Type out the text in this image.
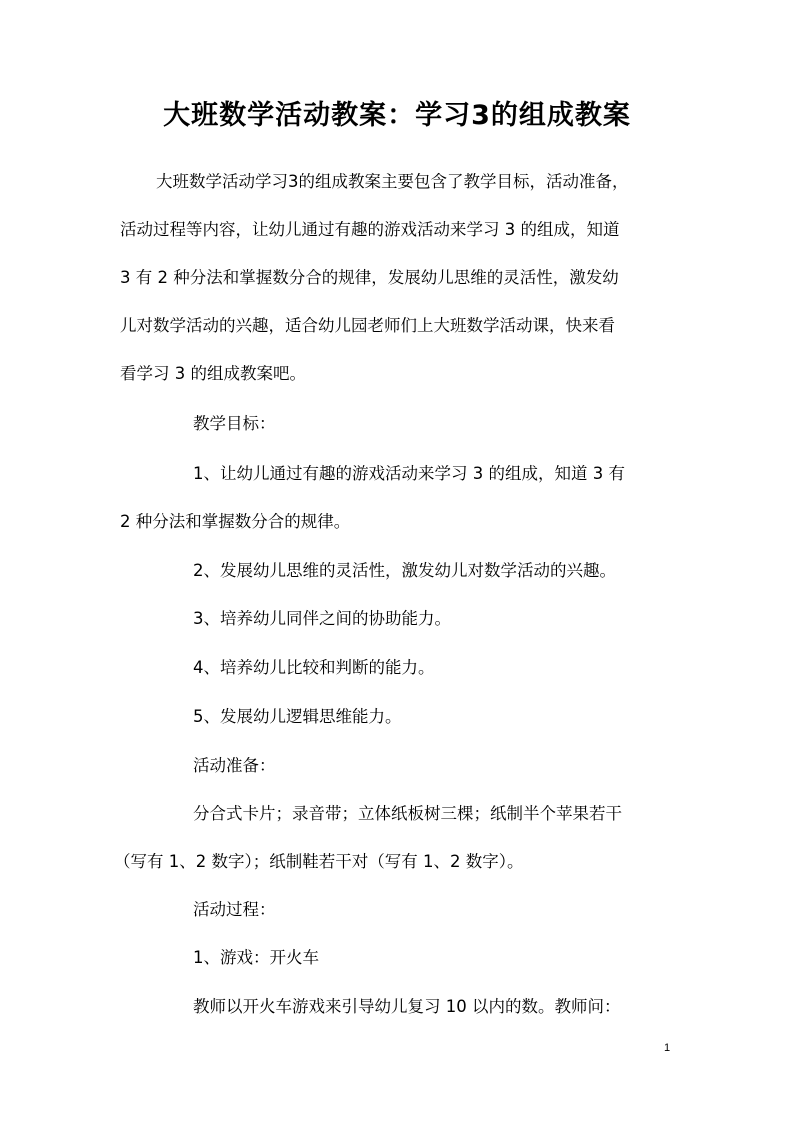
大班数学活动教案：学习3的组成教案
大班数学活动学习3的组成教案主要包含了教学目标，活动准备，
活动过程等内容，让幼儿通过有趣的游戏活动来学习 3 的组成，知道
3 有 2 种分法和掌握数分合的规律，发展幼儿思维的灵活性，激发幼
儿对数学活动的兴趣，适合幼儿园老师们上大班数学活动课，快来看
看学习 3 的组成教案吧。
教学目标：
1、让幼儿通过有趣的游戏活动来学习 3 的组成，知道 3 有
2 种分法和掌握数分合的规律。
2、发展幼儿思维的灵活性，激发幼儿对数学活动的兴趣。
3、培养幼儿同伴之间的协助能力。
4、培养幼儿比较和判断的能力。
5、发展幼儿逻辑思维能力。
活动准备：
分合式卡片；录音带；立体纸板树三棵；纸制半个苹果若干
（写有 1、2 数字）；纸制鞋若干对（写有 1、2 数字）。
活动过程：
1、游戏：开火车
教师以开火车游戏来引导幼儿复习 10 以内的数。教师问：
1
